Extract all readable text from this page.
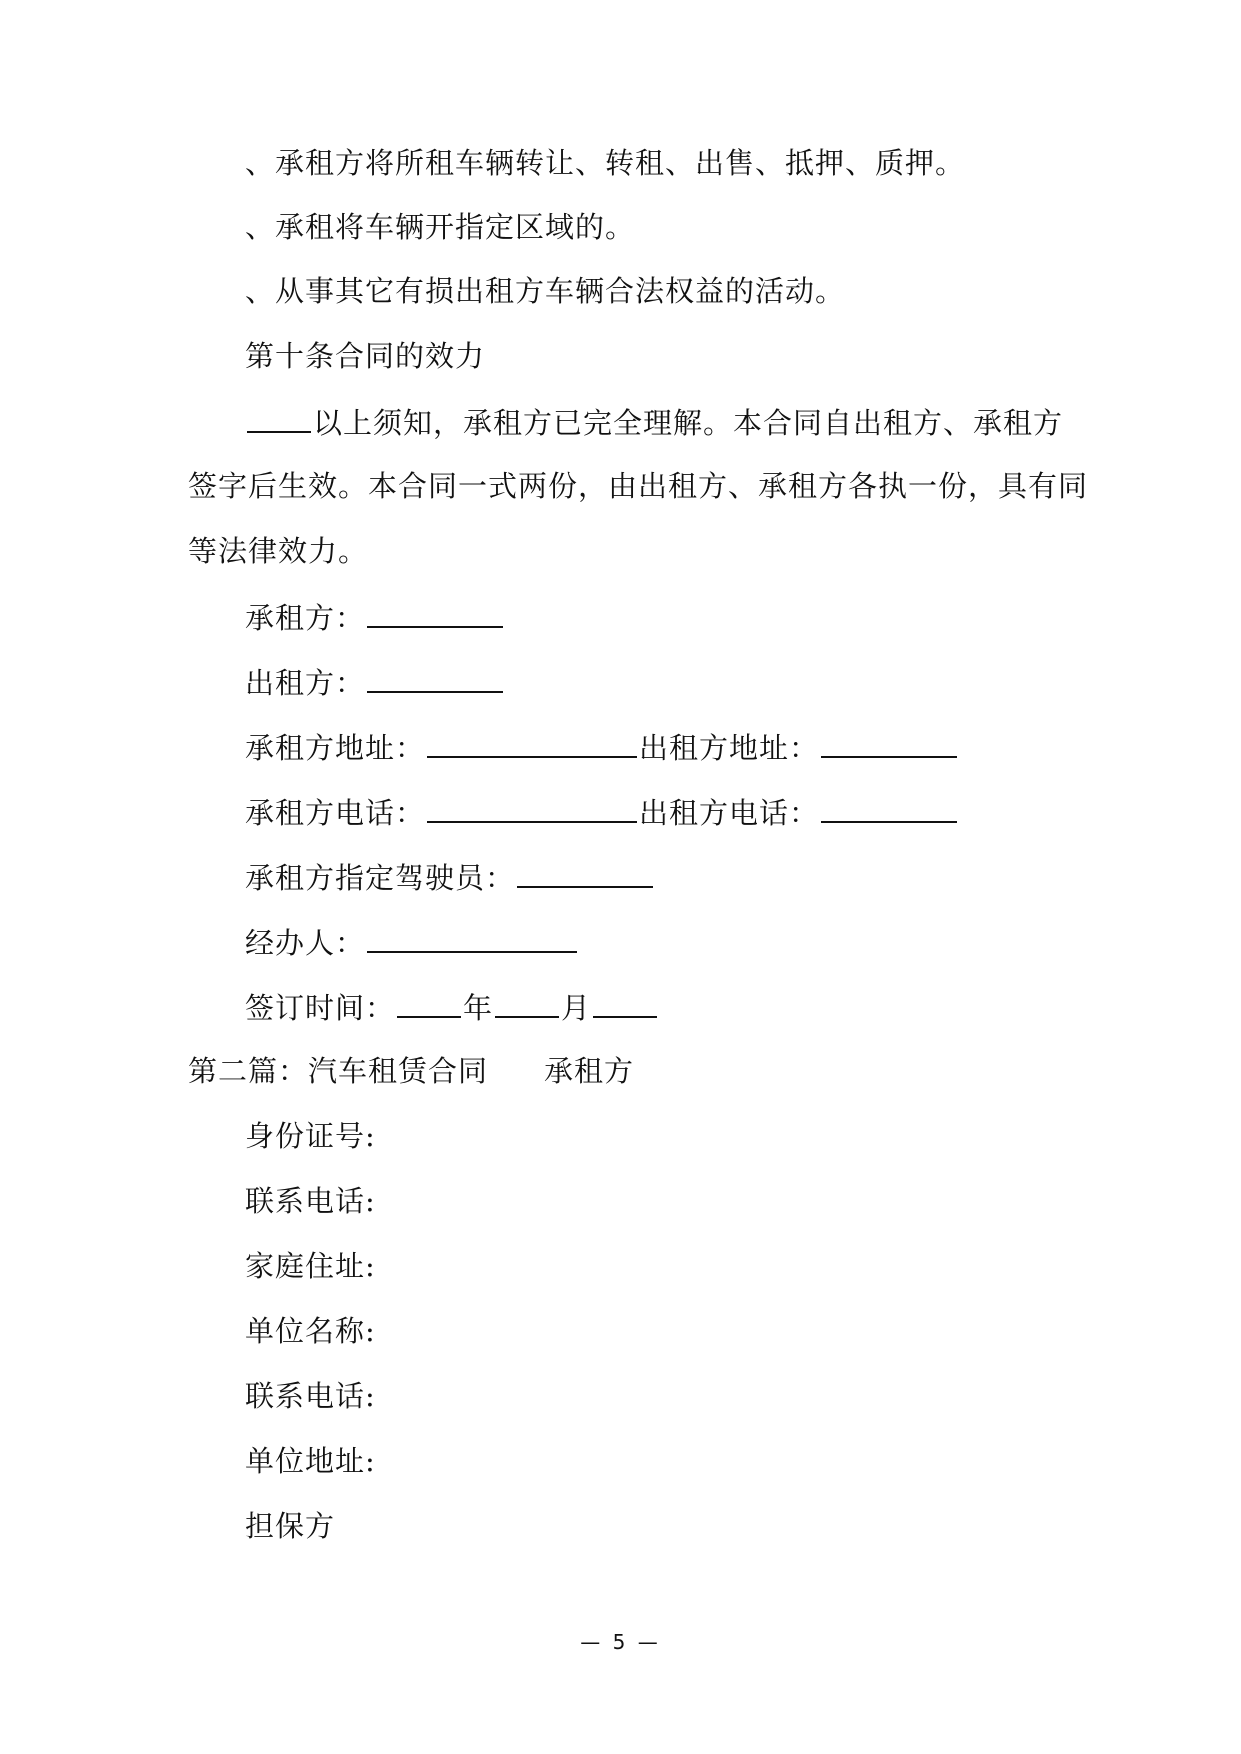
、承租方将所租车辆转让、转租、出售、抵押、质押。
、承租将车辆开指定区域的。
、从事其它有损出租方车辆合法权益的活动。
第十条合同的效力
以上须知，承租方已完全理解。本合同自出租方、承租方
签字后生效。本合同一式两份，由出租方、承租方各执一份，具有同
等法律效力。
承租方：
出租方：
承租方地址：	出租方地址：
承租方电话：	出租方电话：
承租方指定驾驶员：
经办人：
签订时间： 年 月
第二篇：汽车租赁合同 承租方
身份证号:
联系电话:
家庭住址:
单位名称:
联系电话:
单位地址:
担保方
— 5 —
